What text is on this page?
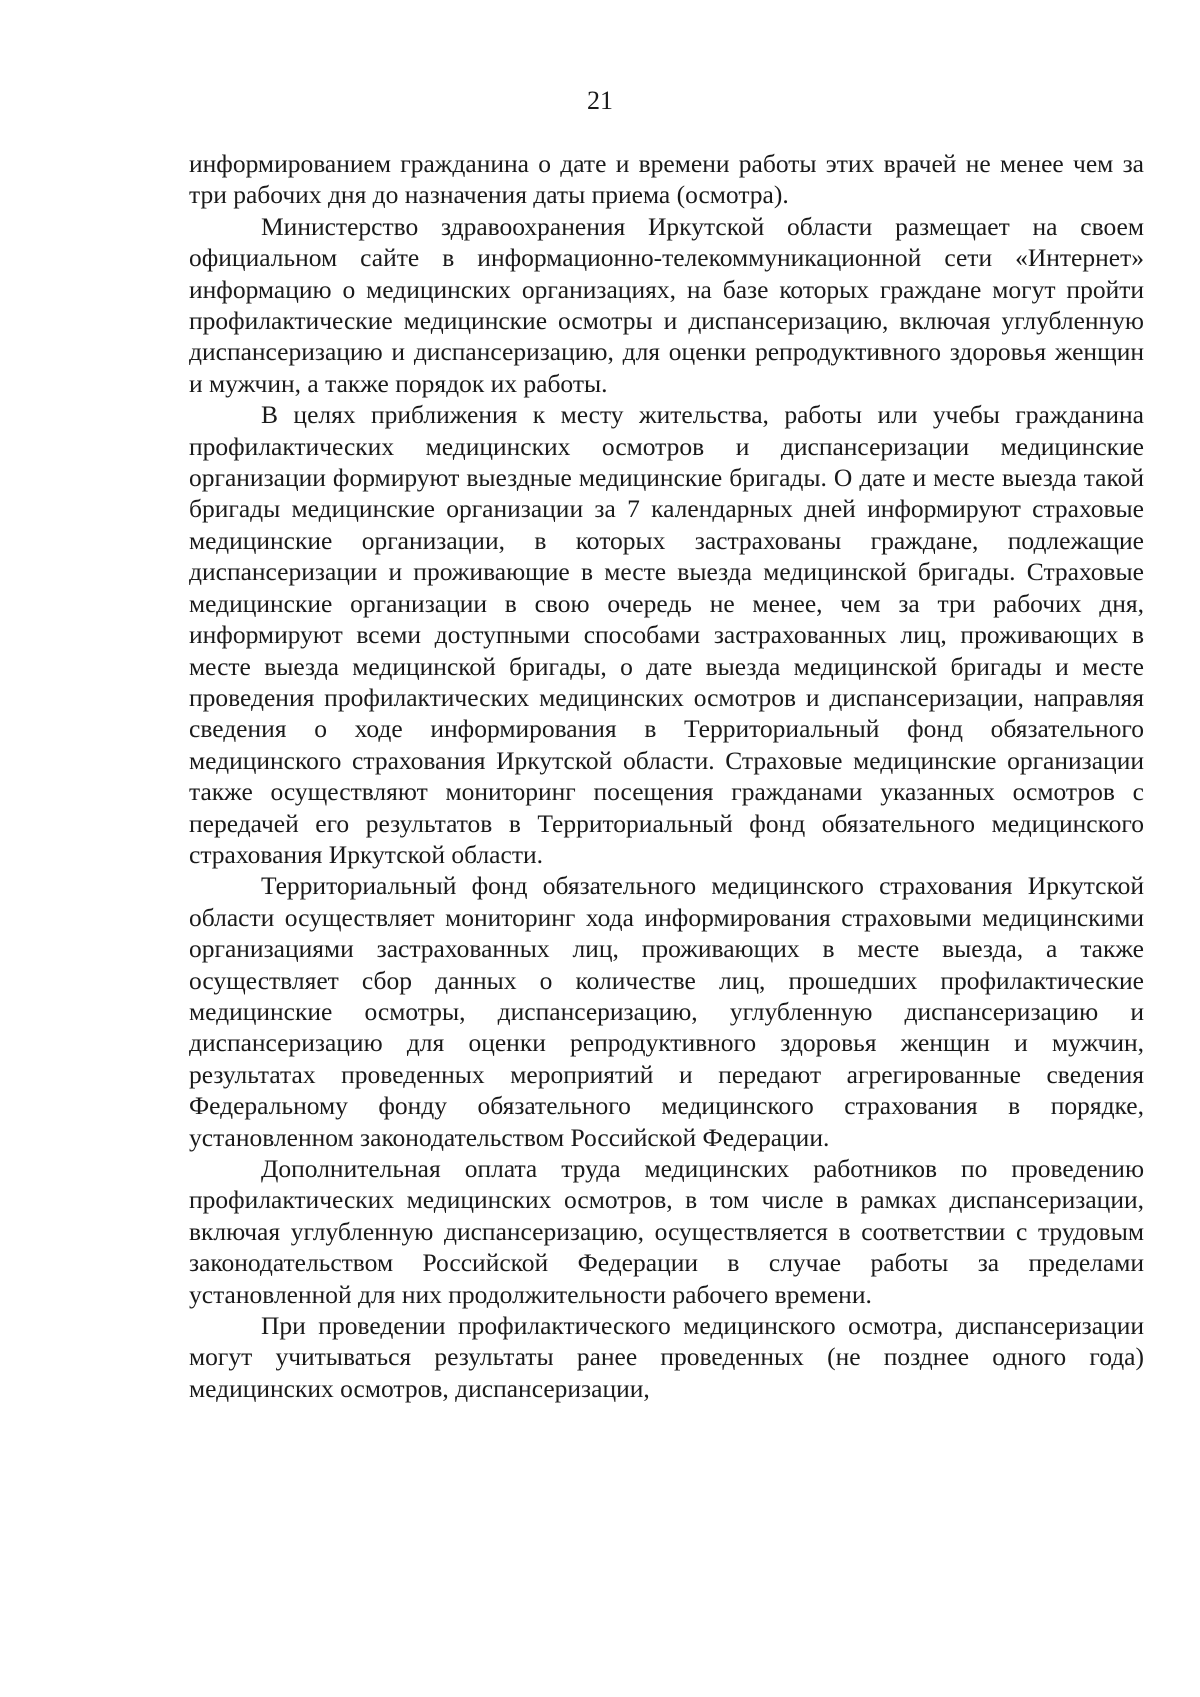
21

информированием гражданина о дате и времени работы этих врачей не менее чем за три рабочих дня до назначения даты приема (осмотра).

Министерство здравоохранения Иркутской области размещает на своем официальном сайте в информационно-телекоммуникационной сети «Интернет» информацию о медицинских организациях, на базе которых граждане могут пройти профилактические медицинские осмотры и диспансеризацию, включая углубленную диспансеризацию и диспансеризацию, для оценки репродуктивного здоровья женщин и мужчин, а также порядок их работы.

В целях приближения к месту жительства, работы или учебы гражданина профилактических медицинских осмотров и диспансеризации медицинские организации формируют выездные медицинские бригады. О дате и месте выезда такой бригады медицинские организации за 7 календарных дней информируют страховые медицинские организации, в которых застрахованы граждане, подлежащие диспансеризации и проживающие в месте выезда медицинской бригады. Страховые медицинские организации в свою очередь не менее, чем за три рабочих дня, информируют всеми доступными способами застрахованных лиц, проживающих в месте выезда медицинской бригады, о дате выезда медицинской бригады и месте проведения профилактических медицинских осмотров и диспансеризации, направляя сведения о ходе информирования в Территориальный фонд обязательного медицинского страхования Иркутской области. Страховые медицинские организации также осуществляют мониторинг посещения гражданами указанных осмотров с передачей его результатов в Территориальный фонд обязательного медицинского страхования Иркутской области.

Территориальный фонд обязательного медицинского страхования Иркутской области осуществляет мониторинг хода информирования страховыми медицинскими организациями застрахованных лиц, проживающих в месте выезда, а также осуществляет сбор данных о количестве лиц, прошедших профилактические медицинские осмотры, диспансеризацию, углубленную диспансеризацию и диспансеризацию для оценки репродуктивного здоровья женщин и мужчин, результатах проведенных мероприятий и передают агрегированные сведения Федеральному фонду обязательного медицинского страхования в порядке, установленном законодательством Российской Федерации.

Дополнительная оплата труда медицинских работников по проведению профилактических медицинских осмотров, в том числе в рамках диспансеризации, включая углубленную диспансеризацию, осуществляется в соответствии с трудовым законодательством Российской Федерации в случае работы за пределами установленной для них продолжительности рабочего времени.

При проведении профилактического медицинского осмотра, диспансеризации могут учитываться результаты ранее проведенных (не позднее одного года) медицинских осмотров, диспансеризации,
